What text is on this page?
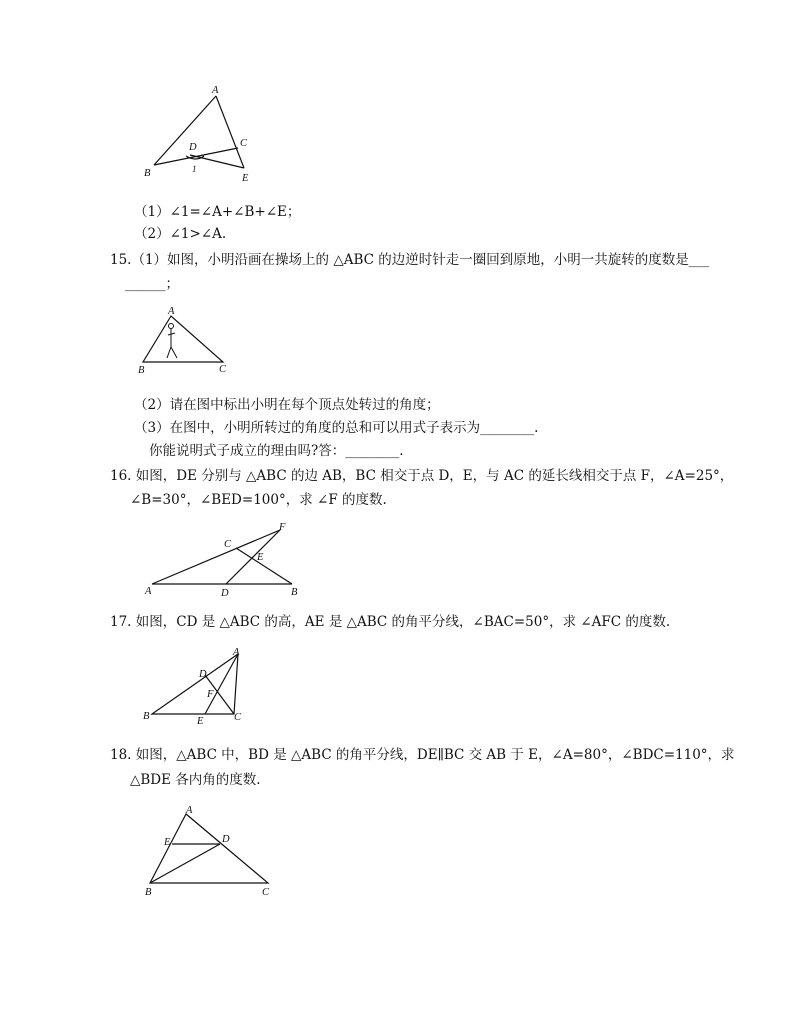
A
B
C
D
E
1
（1）∠1=∠A+∠B+∠E；
（2）∠1>∠A.
15.（1）如图，小明沿画在操场上的 △ABC 的边逆时针走一圈回到原地，小明一共旋转的度数是___
______；
A
B	C
（2）请在图中标出小明在每个顶点处转过的角度；
（3）在图中，小明所转过的角度的总和可以用式子表示为________.
你能说明式子成立的理由吗?答：________.
16. 如图，DE 分别与 △ABC 的边 AB，BC 相交于点 D，E，与 AC 的延长线相交于点 F，∠A=25°，
∠B=30°，∠BED=100°，求 ∠F 的度数.
A	B
C
D
E
F
17. 如图，CD 是 △ABC 的高，AE 是 △ABC 的角平分线，∠BAC=50°，求 ∠AFC 的度数.
A
B	C
D
E
F
18. 如图，△ABC 中，BD 是 △ABC 的角平分线，DE∥BC 交 AB 于 E，∠A=80°，∠BDC=110°，求
△BDE 各内角的度数.
A
B	C
D
E
